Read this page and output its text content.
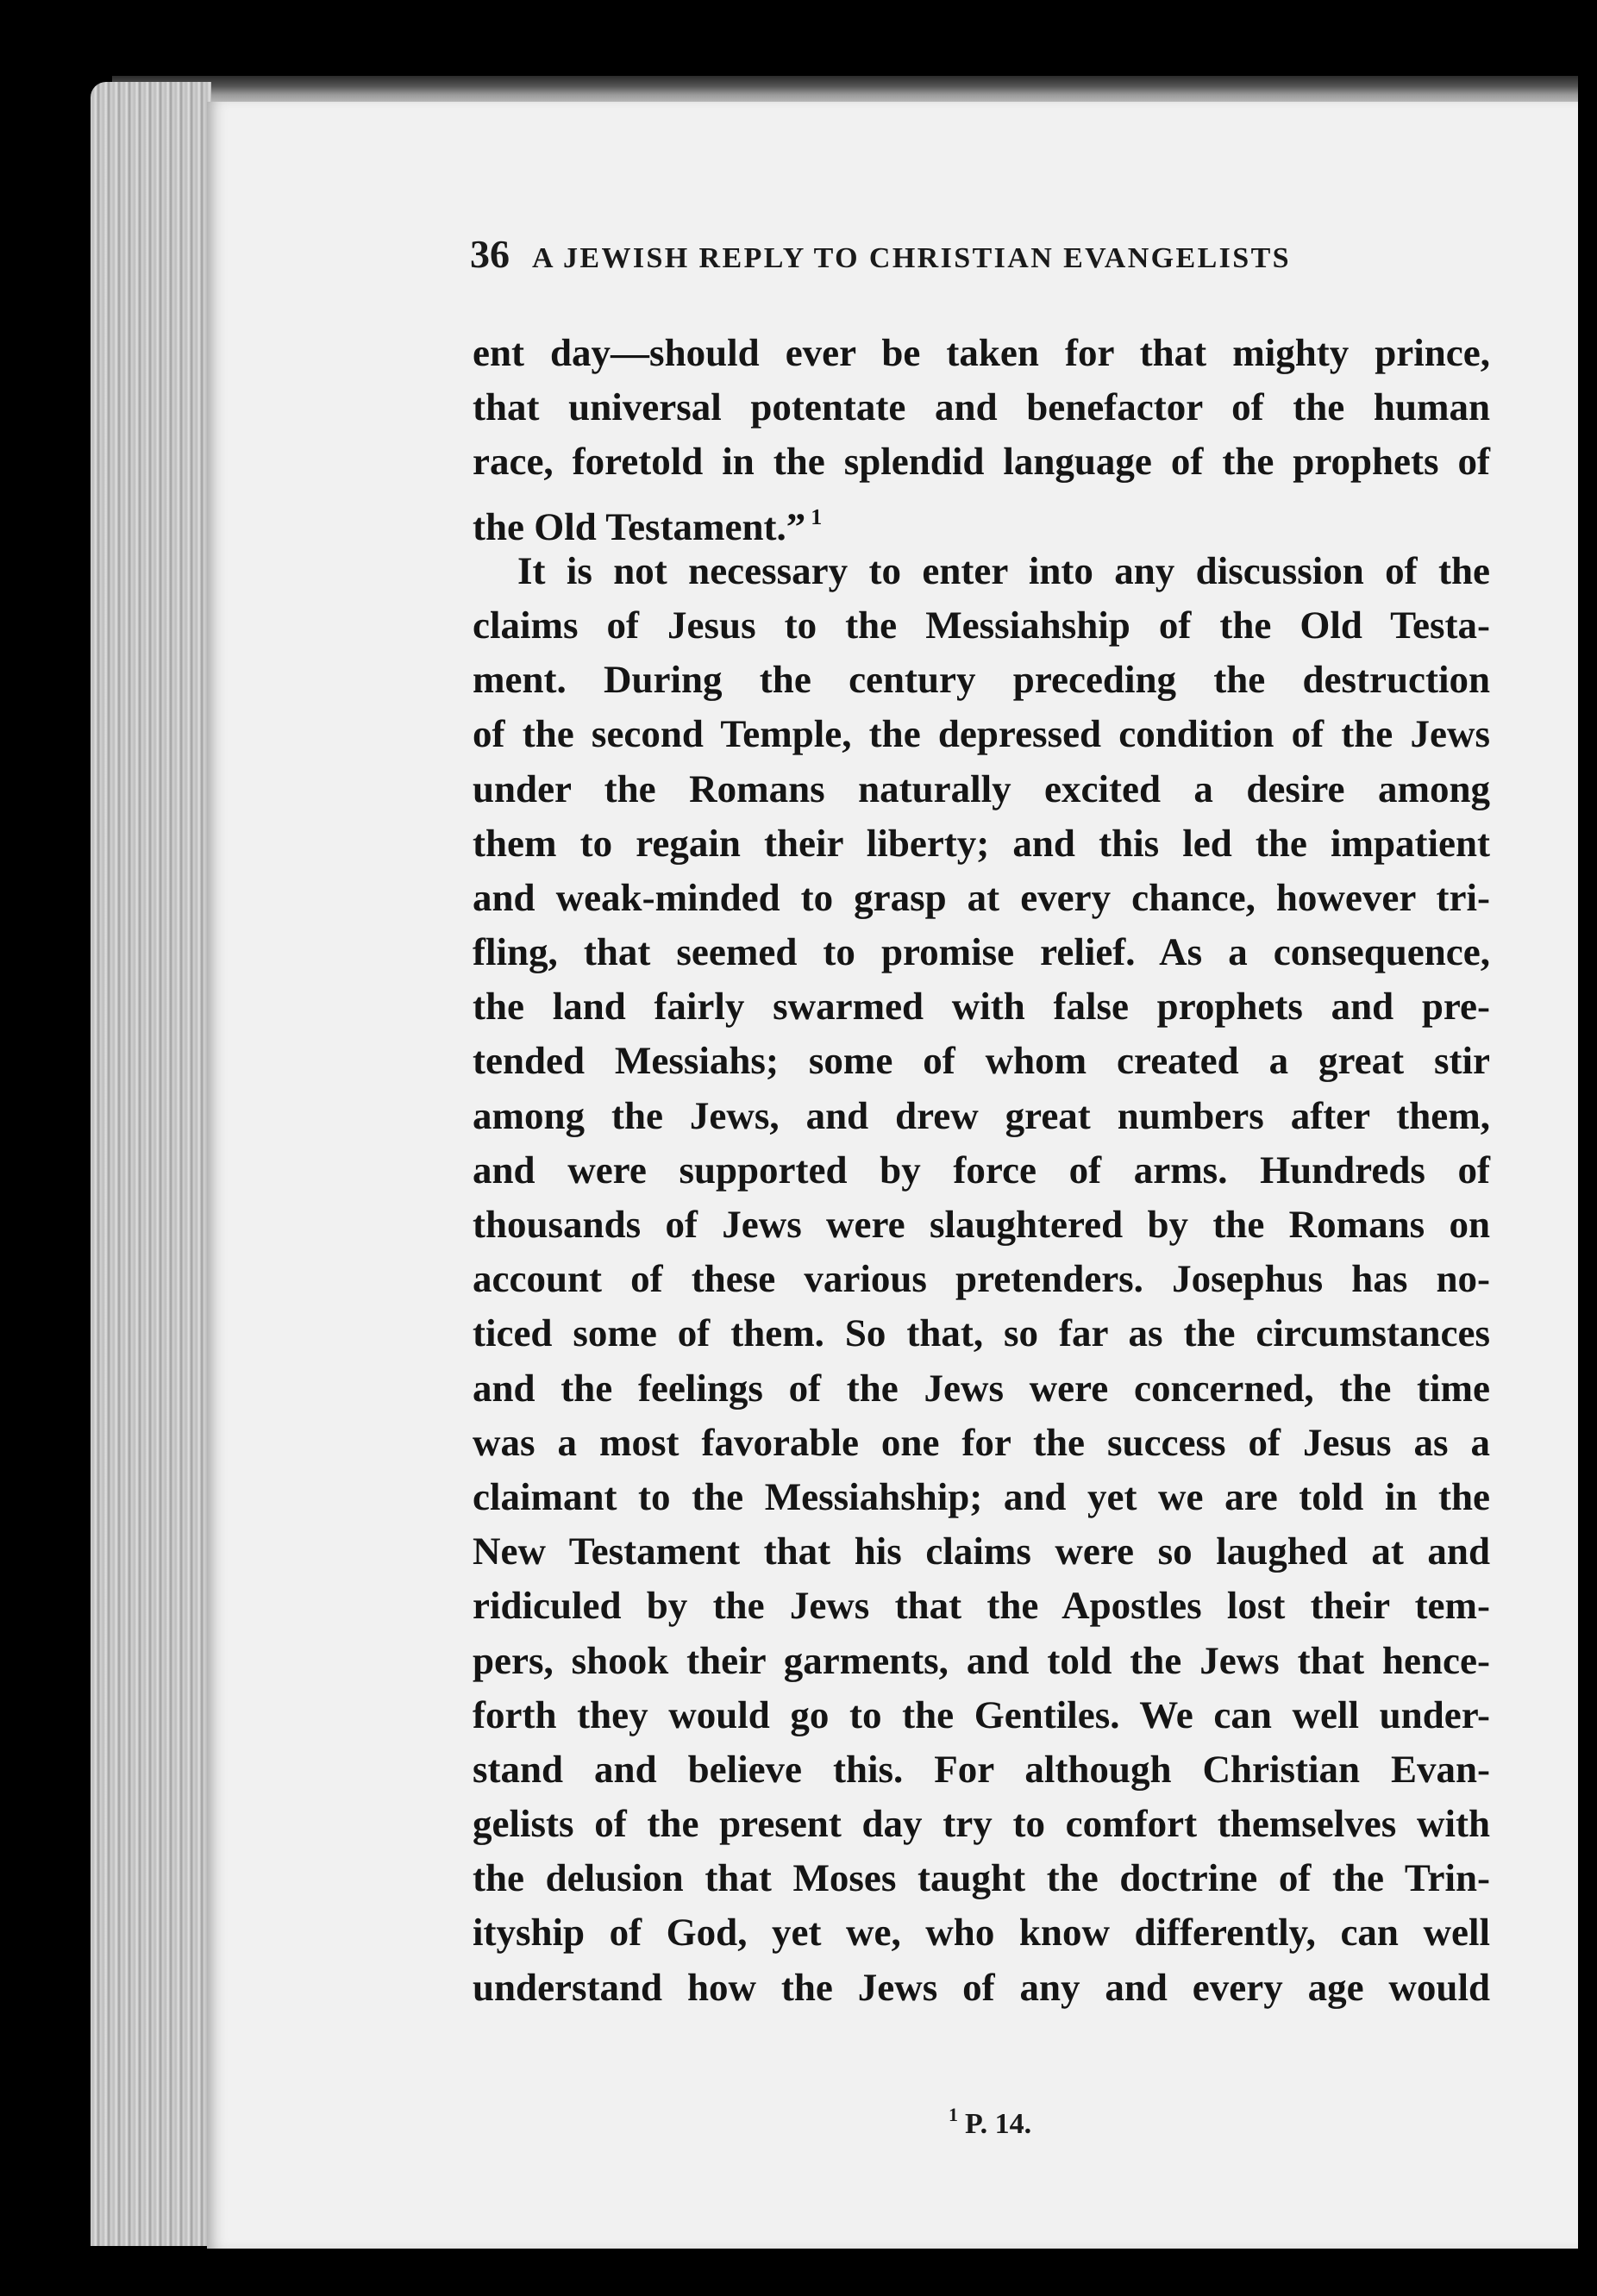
36 A JEWISH REPLY TO CHRISTIAN EVANGELISTS
ent day—should ever be taken for that mighty prince,
that universal potentate and benefactor of the human
race, foretold in the splendid language of the prophets of
the Old Testament.” $^1$
It is not necessary to enter into any discussion of the
claims of Jesus to the Messiahship of the Old Testa-
ment. During the century preceding the destruction
of the second Temple, the depressed condition of the Jews
under the Romans naturally excited a desire among
them to regain their liberty; and this led the impatient
and weak-minded to grasp at every chance, however tri-
fling, that seemed to promise relief. As a consequence,
the land fairly swarmed with false prophets and pre-
tended Messiahs; some of whom created a great stir
among the Jews, and drew great numbers after them,
and were supported by force of arms. Hundreds of
thousands of Jews were slaughtered by the Romans on
account of these various pretenders. Josephus has no-
ticed some of them. So that, so far as the circumstances
and the feelings of the Jews were concerned, the time
was a most favorable one for the success of Jesus as a
claimant to the Messiahship; and yet we are told in the
New Testament that his claims were so laughed at and
ridiculed by the Jews that the Apostles lost their tem-
pers, shook their garments, and told the Jews that hence-
forth they would go to the Gentiles. We can well under-
stand and believe this. For although Christian Evan-
gelists of the present day try to comfort themselves with
the delusion that Moses taught the doctrine of the Trin-
ityship of God, yet we, who know differently, can well
understand how the Jews of any and every age would
$^1$ P. 14.
